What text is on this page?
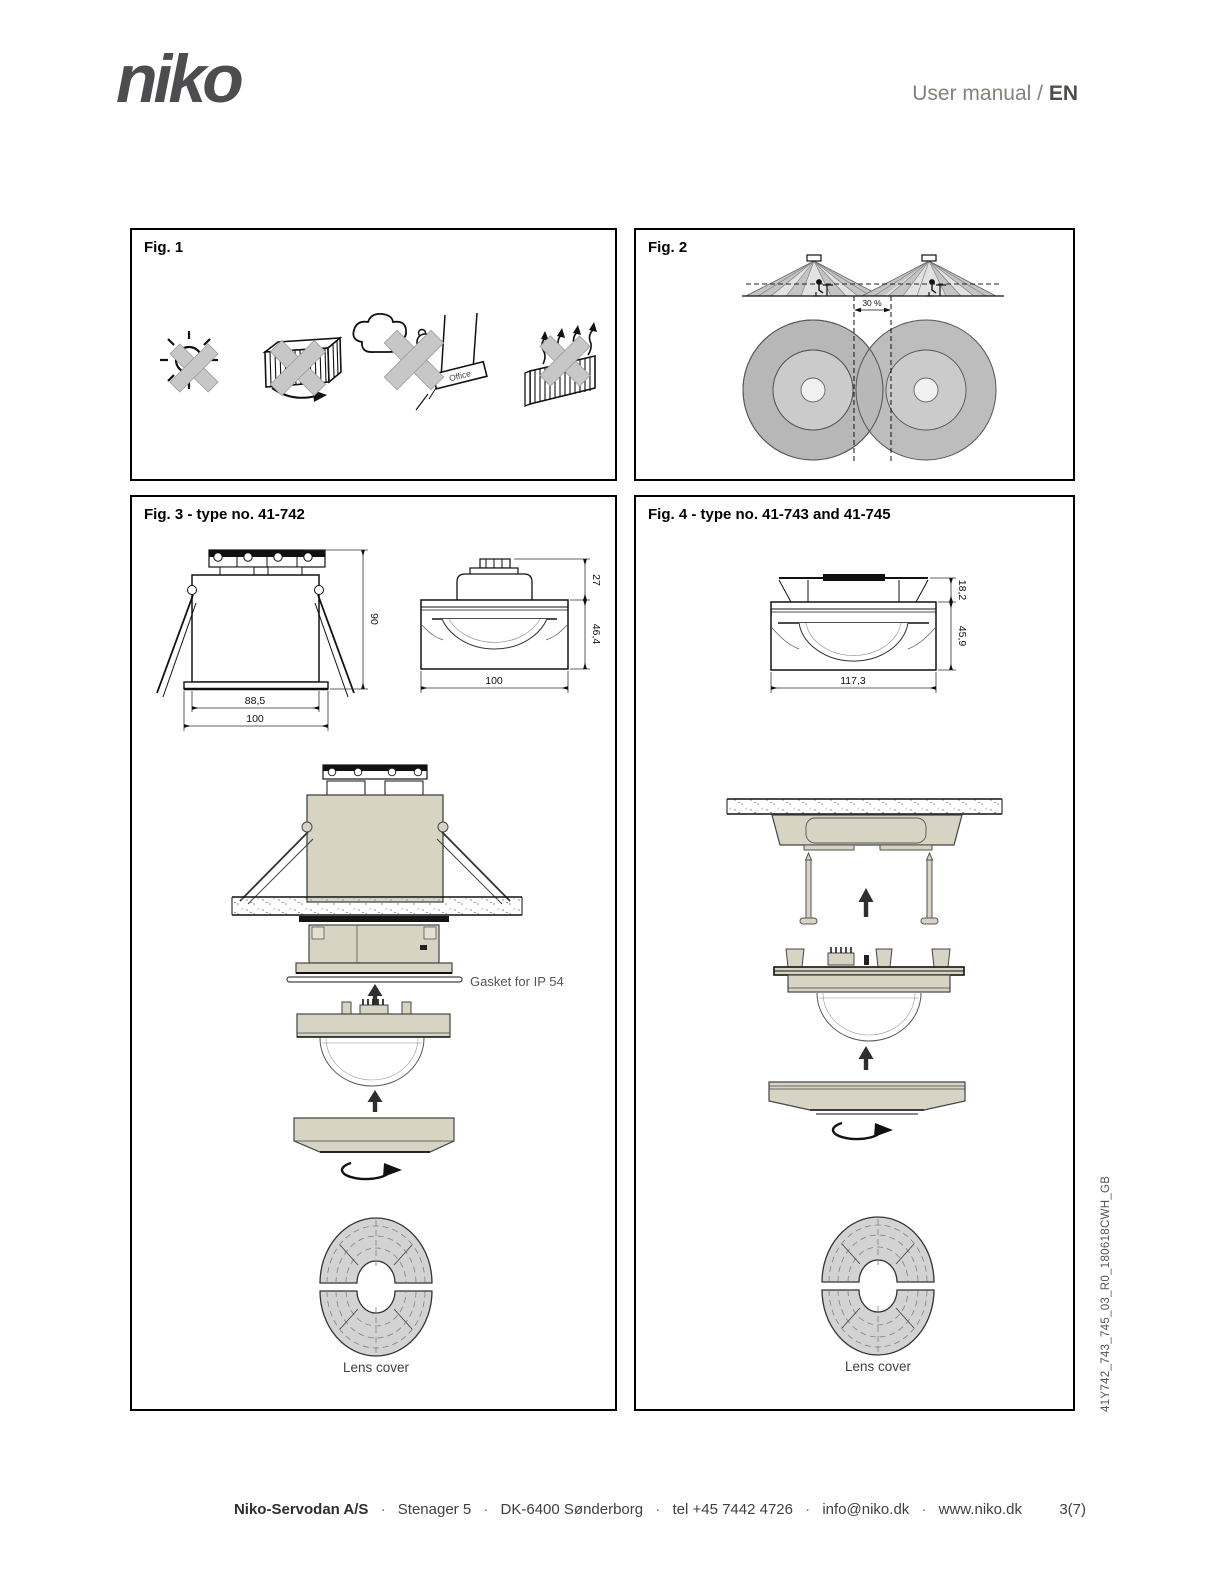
niko	User manual / EN
Fig. 1
Office
Fig. 2
30 %
Fig. 3 - type no. 41-742
90
88,5
100
27
46,4
100
Gasket for IP 54
Lens cover
Fig. 4 - type no. 41-743 and 41-745
18,2
45,9
117,3
Lens cover	41Y742_743_745_03_R0_180618CWH_GB
Niko-Servodan A/S · Stenager 5 · DK-6400 Sønderborg · tel +45 7442 4726 · info@niko.dk · www.niko.dk	3(7)
